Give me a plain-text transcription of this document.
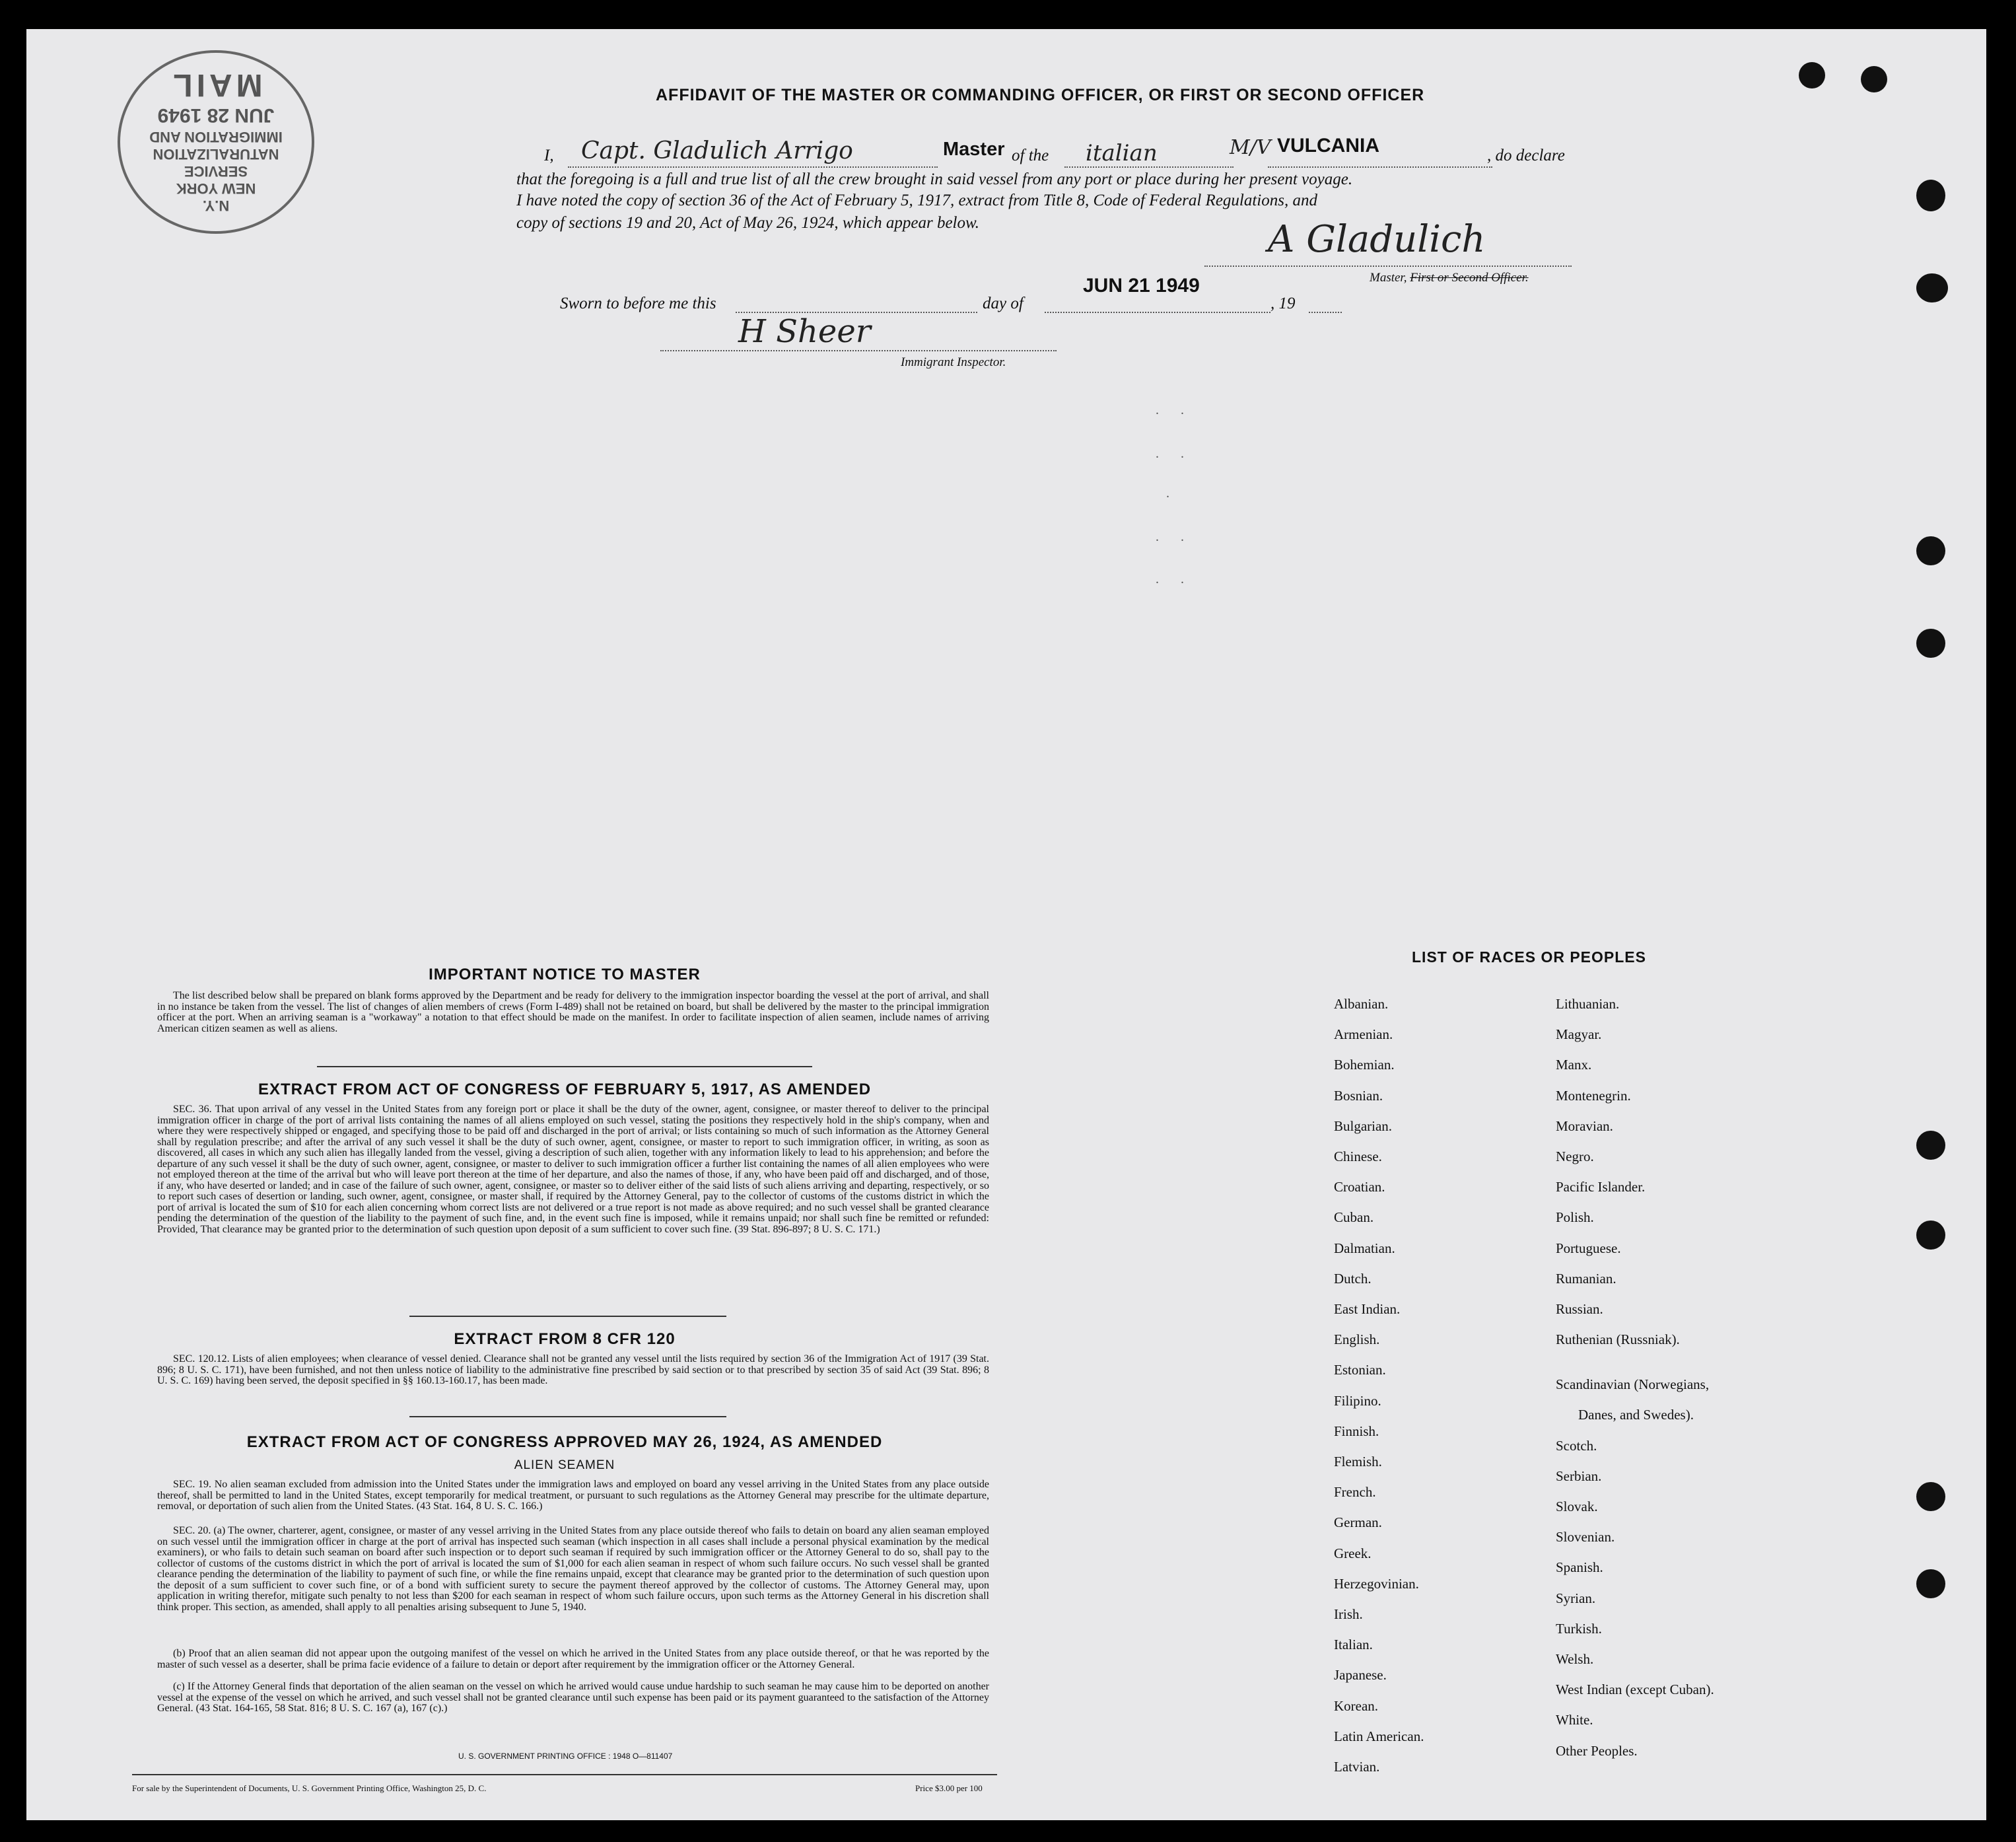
N.Y.
NEW YORK
SERVICE
NATURALIZATION
IMMIGRATION AND
JUN 28 1949
MAIL	AFFIDAVIT OF THE MASTER OR COMMANDING OFFICER, OR FIRST OR SECOND OFFICER
I, Capt. Gladulich Arrigo	Master of the italian	M/V VULCANIA	, do declare
that the foregoing is a full and true list of all the crew brought in said vessel from any port or place during her present voyage.
I have noted the copy of section 36 of the Act of February 5, 1917, extract from Title 8, Code of Federal Regulations, and
copy of sections 19 and 20, Act of May 26, 1924, which appear below.	A Gladulich
Master, First or Second Officer.
Sworn to before me this	day of
JUN 21 1949
, 19
H Sheer
Immigrant Inspector.
. .
. .
.
. .
. .
IMPORTANT NOTICE TO MASTER
The list described below shall be prepared on blank forms approved by the Department and be ready for delivery to the immigration inspector boarding the vessel at the port of arrival, and shall in no instance be taken from the vessel. The list of changes of alien members of crews (Form I-489) shall not be retained on board, but shall be delivered by the master to the principal immigration officer at the port. When an arriving seaman is a "workaway" a notation to that effect should be made on the manifest. In order to facilitate inspection of alien seamen, include names of arriving American citizen seamen as well as aliens.
EXTRACT FROM ACT OF CONGRESS OF FEBRUARY 5, 1917, AS AMENDED
SEC. 36. That upon arrival of any vessel in the United States from any foreign port or place it shall be the duty of the owner, agent, consignee, or master thereof to deliver to the principal immigration officer in charge of the port of arrival lists containing the names of all aliens employed on such vessel, stating the positions they respectively hold in the ship's company, when and where they were respectively shipped or engaged, and specifying those to be paid off and discharged in the port of arrival; or lists containing so much of such information as the Attorney General shall by regulation prescribe; and after the arrival of any such vessel it shall be the duty of such owner, agent, consignee, or master to report to such immigration officer, in writing, as soon as discovered, all cases in which any such alien has illegally landed from the vessel, giving a description of such alien, together with any information likely to lead to his apprehension; and before the departure of any such vessel it shall be the duty of such owner, agent, consignee, or master to deliver to such immigration officer a further list containing the names of all alien employees who were not employed thereon at the time of the arrival but who will leave port thereon at the time of her departure, and also the names of those, if any, who have been paid off and discharged, and of those, if any, who have deserted or landed; and in case of the failure of such owner, agent, consignee, or master so to deliver either of the said lists of such aliens arriving and departing, respectively, or so to report such cases of desertion or landing, such owner, agent, consignee, or master shall, if required by the Attorney General, pay to the collector of customs of the customs district in which the port of arrival is located the sum of $10 for each alien concerning whom correct lists are not delivered or a true report is not made as above required; and no such vessel shall be granted clearance pending the determination of the question of the liability to the payment of such fine, and, in the event such fine is imposed, while it remains unpaid; nor shall such fine be remitted or refunded: Provided, That clearance may be granted prior to the determination of such question upon deposit of a sum sufficient to cover such fine. (39 Stat. 896-897; 8 U. S. C. 171.)
EXTRACT FROM 8 CFR 120
SEC. 120.12. Lists of alien employees; when clearance of vessel denied. Clearance shall not be granted any vessel until the lists required by section 36 of the Immigration Act of 1917 (39 Stat. 896; 8 U. S. C. 171), have been furnished, and not then unless notice of liability to the administrative fine prescribed by said section or to that prescribed by section 35 of said Act (39 Stat. 896; 8 U. S. C. 169) having been served, the deposit specified in §§ 160.13-160.17, has been made.
EXTRACT FROM ACT OF CONGRESS APPROVED MAY 26, 1924, AS AMENDED
ALIEN SEAMEN
SEC. 19. No alien seaman excluded from admission into the United States under the immigration laws and employed on board any vessel arriving in the United States from any place outside thereof, shall be permitted to land in the United States, except temporarily for medical treatment, or pursuant to such regulations as the Attorney General may prescribe for the ultimate departure, removal, or deportation of such alien from the United States. (43 Stat. 164, 8 U. S. C. 166.)
SEC. 20. (a) The owner, charterer, agent, consignee, or master of any vessel arriving in the United States from any place outside thereof who fails to detain on board any alien seaman employed on such vessel until the immigration officer in charge at the port of arrival has inspected such seaman (which inspection in all cases shall include a personal physical examination by the medical examiners), or who fails to detain such seaman on board after such inspection or to deport such seaman if required by such immigration officer or the Attorney General to do so, shall pay to the collector of customs of the customs district in which the port of arrival is located the sum of $1,000 for each alien seaman in respect of whom such failure occurs. No such vessel shall be granted clearance pending the determination of the liability to payment of such fine, or while the fine remains unpaid, except that clearance may be granted prior to the determination of such question upon the deposit of a sum sufficient to cover such fine, or of a bond with sufficient surety to secure the payment thereof approved by the collector of customs. The Attorney General may, upon application in writing therefor, mitigate such penalty to not less than $200 for each seaman in respect of whom such failure occurs, upon such terms as the Attorney General in his discretion shall think proper. This section, as amended, shall apply to all penalties arising subsequent to June 5, 1940.
(b) Proof that an alien seaman did not appear upon the outgoing manifest of the vessel on which he arrived in the United States from any place outside thereof, or that he was reported by the master of such vessel as a deserter, shall be prima facie evidence of a failure to detain or deport after requirement by the immigration officer or the Attorney General.
(c) If the Attorney General finds that deportation of the alien seaman on the vessel on which he arrived would cause undue hardship to such seaman he may cause him to be deported on another vessel at the expense of the vessel on which he arrived, and such vessel shall not be granted clearance until such expense has been paid or its payment guaranteed to the satisfaction of the Attorney General. (43 Stat. 164-165, 58 Stat. 816; 8 U. S. C. 167 (a), 167 (c).)
U. S. GOVERNMENT PRINTING OFFICE : 1948 O—811407
For sale by the Superintendent of Documents, U. S. Government Printing Office, Washington 25, D. C.	Price $3.00 per 100
LIST OF RACES OR PEOPLES
Albanian.
Armenian.
Bohemian.
Bosnian.
Bulgarian.
Chinese.
Croatian.
Cuban.
Dalmatian.
Dutch.
East Indian.
English.
Estonian.
Filipino.
Finnish.
Flemish.
French.
German.
Greek.
Herzegovinian.
Irish.
Italian.
Japanese.
Korean.
Latin American.
Latvian.
Lithuanian.
Magyar.
Manx.
Montenegrin.
Moravian.
Negro.
Pacific Islander.
Polish.
Portuguese.
Rumanian.
Russian.
Ruthenian (Russniak).
Scandinavian (Norwegians,
Danes, and Swedes).
Scotch.
Serbian.
Slovak.
Slovenian.
Spanish.
Syrian.
Turkish.
Welsh.
West Indian (except Cuban).
White.
Other Peoples.
